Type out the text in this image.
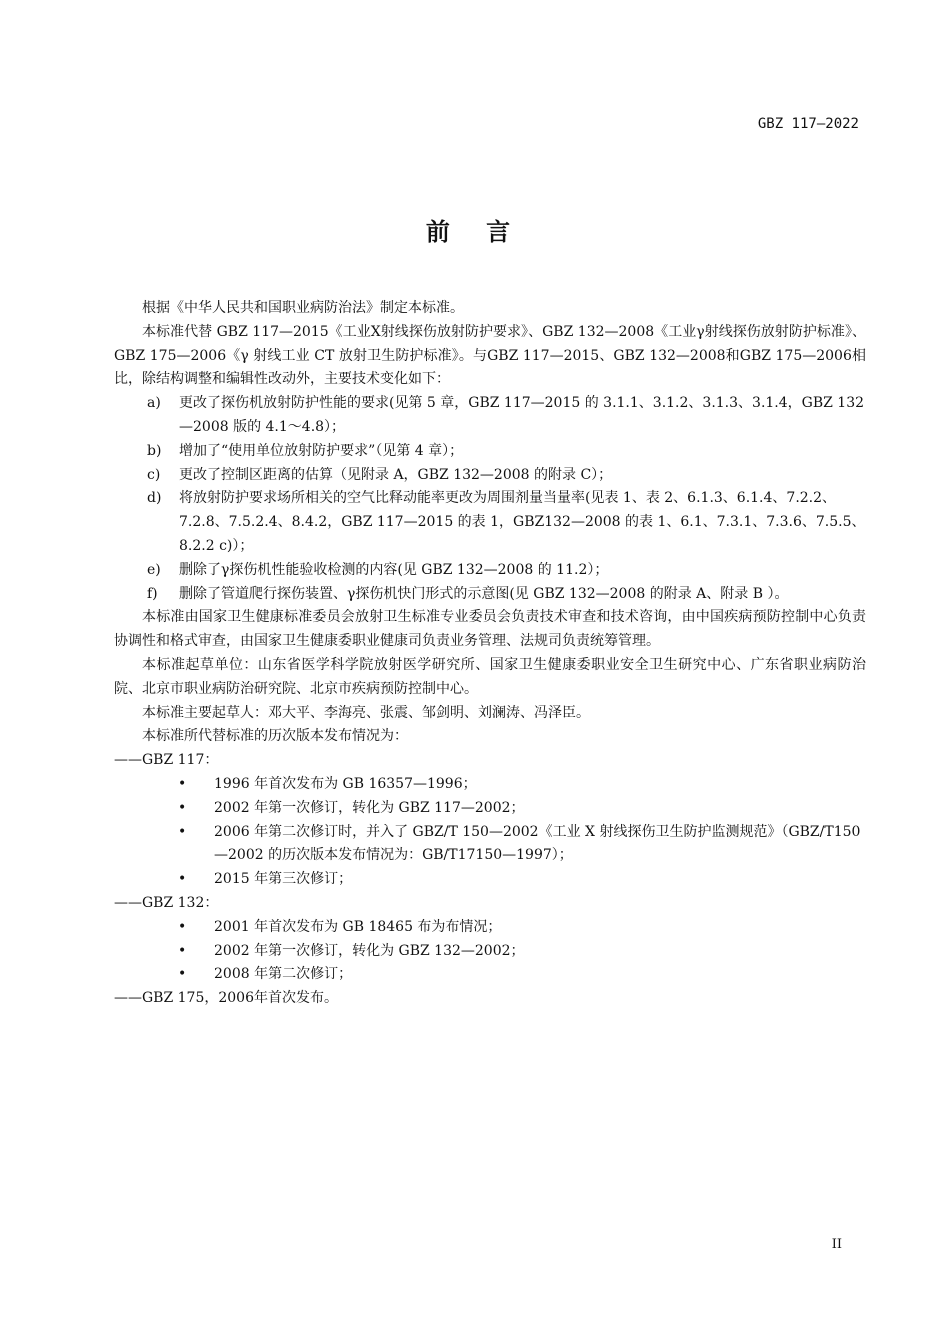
GBZ 117—2022
前 言

根据《中华人民共和国职业病防治法》制定本标准。

本标准代替 GBZ 117—2015《工业X射线探伤放射防护要求》、GBZ 132—2008《工业γ射线探伤放射防护标准》、GBZ 175—2006《γ 射线工业 CT 放射卫生防护标准》。与GBZ 117—2015、GBZ 132—2008和GBZ 175—2006相比，除结构调整和编辑性改动外，主要技术变化如下：

a) 更改了探伤机放射防护性能的要求(见第 5 章，GBZ 117—2015 的 3.1.1、3.1.2、3.1.3、3.1.4，GBZ 132—2008 版的 4.1～4.8）；

b) 增加了“使用单位放射防护要求”（见第 4 章）；

c) 更改了控制区距离的估算（见附录 A，GBZ 132—2008 的附录 C）；

d) 将放射防护要求场所相关的空气比释动能率更改为周围剂量当量率(见表 1、表 2、6.1.3、6.1.4、7.2.2、7.2.8、7.5.2.4、8.4.2，GBZ 117—2015 的表 1，GBZ132—2008 的表 1、6.1、7.3.1、7.3.6、7.5.5、8.2.2 c)）；

e) 删除了γ探伤机性能验收检测的内容(见 GBZ 132—2008 的 11.2）；

f) 删除了管道爬行探伤装置、γ探伤机快门形式的示意图(见 GBZ 132—2008 的附录 A、附录 B ）。

本标准由国家卫生健康标准委员会放射卫生标准专业委员会负责技术审查和技术咨询，由中国疾病预防控制中心负责协调性和格式审查，由国家卫生健康委职业健康司负责业务管理、法规司负责统筹管理。

本标准起草单位：山东省医学科学院放射医学研究所、国家卫生健康委职业安全卫生研究中心、广东省职业病防治院、北京市职业病防治研究院、北京市疾病预防控制中心。

本标准主要起草人：邓大平、李海亮、张震、邹剑明、刘澜涛、冯泽臣。

本标准所代替标准的历次版本发布情况为：

——GBZ 117：

• 1996 年首次发布为 GB 16357—1996；

• 2002 年第一次修订，转化为 GBZ 117—2002；

• 2006 年第二次修订时，并入了 GBZ/T 150—2002《工业 X 射线探伤卫生防护监测规范》（GBZ/T150—2002 的历次版本发布情况为：GB/T17150—1997）；

• 2015 年第三次修订；

——GBZ 132：

• 2001 年首次发布为 GB 18465 布为布情况；

• 2002 年第一次修订，转化为 GBZ 132—2002；

• 2008 年第二次修订；

——GBZ 175，2006年首次发布。

II
